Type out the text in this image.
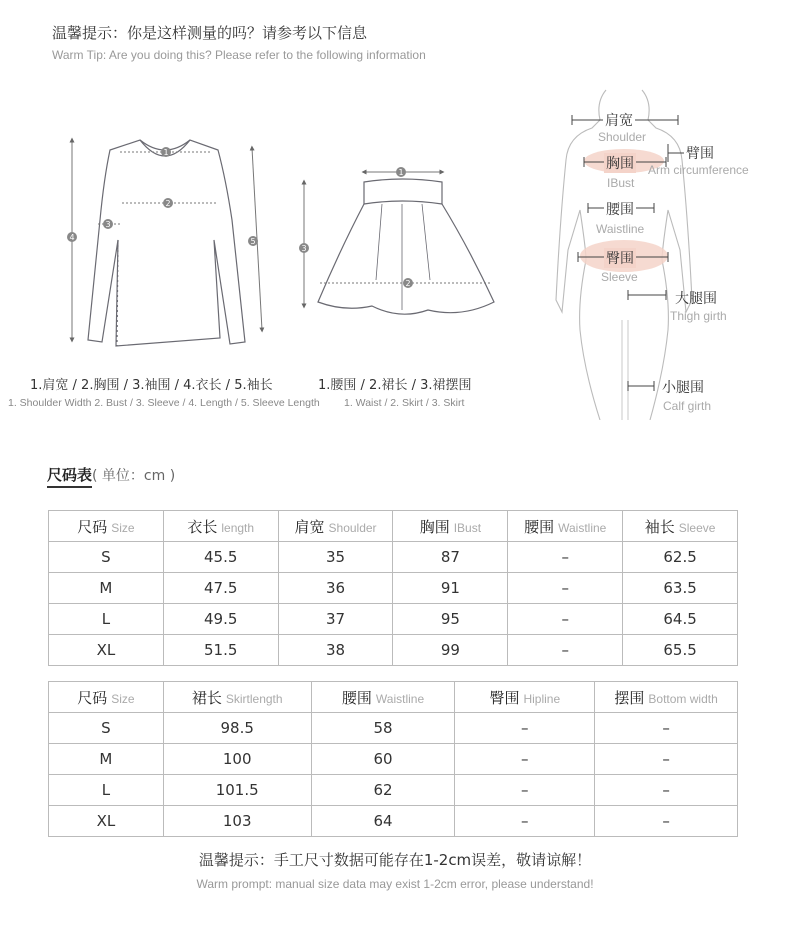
温馨提示：你是这样测量的吗？请参考以下信息
Warm Tip: Are you doing this? Please refer to the following information
1
2
3
4	5
1
2
3
1.肩宽 / 2.胸围 / 3.袖围 / 4.衣长 / 5.袖长
1. Shoulder Width 2. Bust / 3. Sleeve / 4. Length / 5. Sleeve Length
1.腰围 / 2.裙长 / 3.裙摆围
1. Waist / 2. Skirt / 3. Skirt
肩宽
Shoulder
胸围
IBust
臂围
Arm circumference
腰围
Waistline
臀围
Sleeve
大腿围
Thigh girth
小腿围
Calf girth
尺码表( 单位：cm )
尺码 Size	衣长 length	肩宽 Shoulder	胸围 IBust	腰围 Waistline	袖长 Sleeve
S	45.5	35	87	–	62.5
M	47.5	36	91	–	63.5
L	49.5	37	95	–	64.5
XL	51.5	38	99	–	65.5
尺码 Size	裙长 Skirtlength	腰围 Waistline	臀围 Hipline	摆围 Bottom width
S	98.5	58	–	–
M	100	60	–	–
L	101.5	62	–	–
XL	103	64	–	–
温馨提示：手工尺寸数据可能存在1-2cm误差，敬请谅解！
Warm prompt: manual size data may exist 1-2cm error, please understand!
